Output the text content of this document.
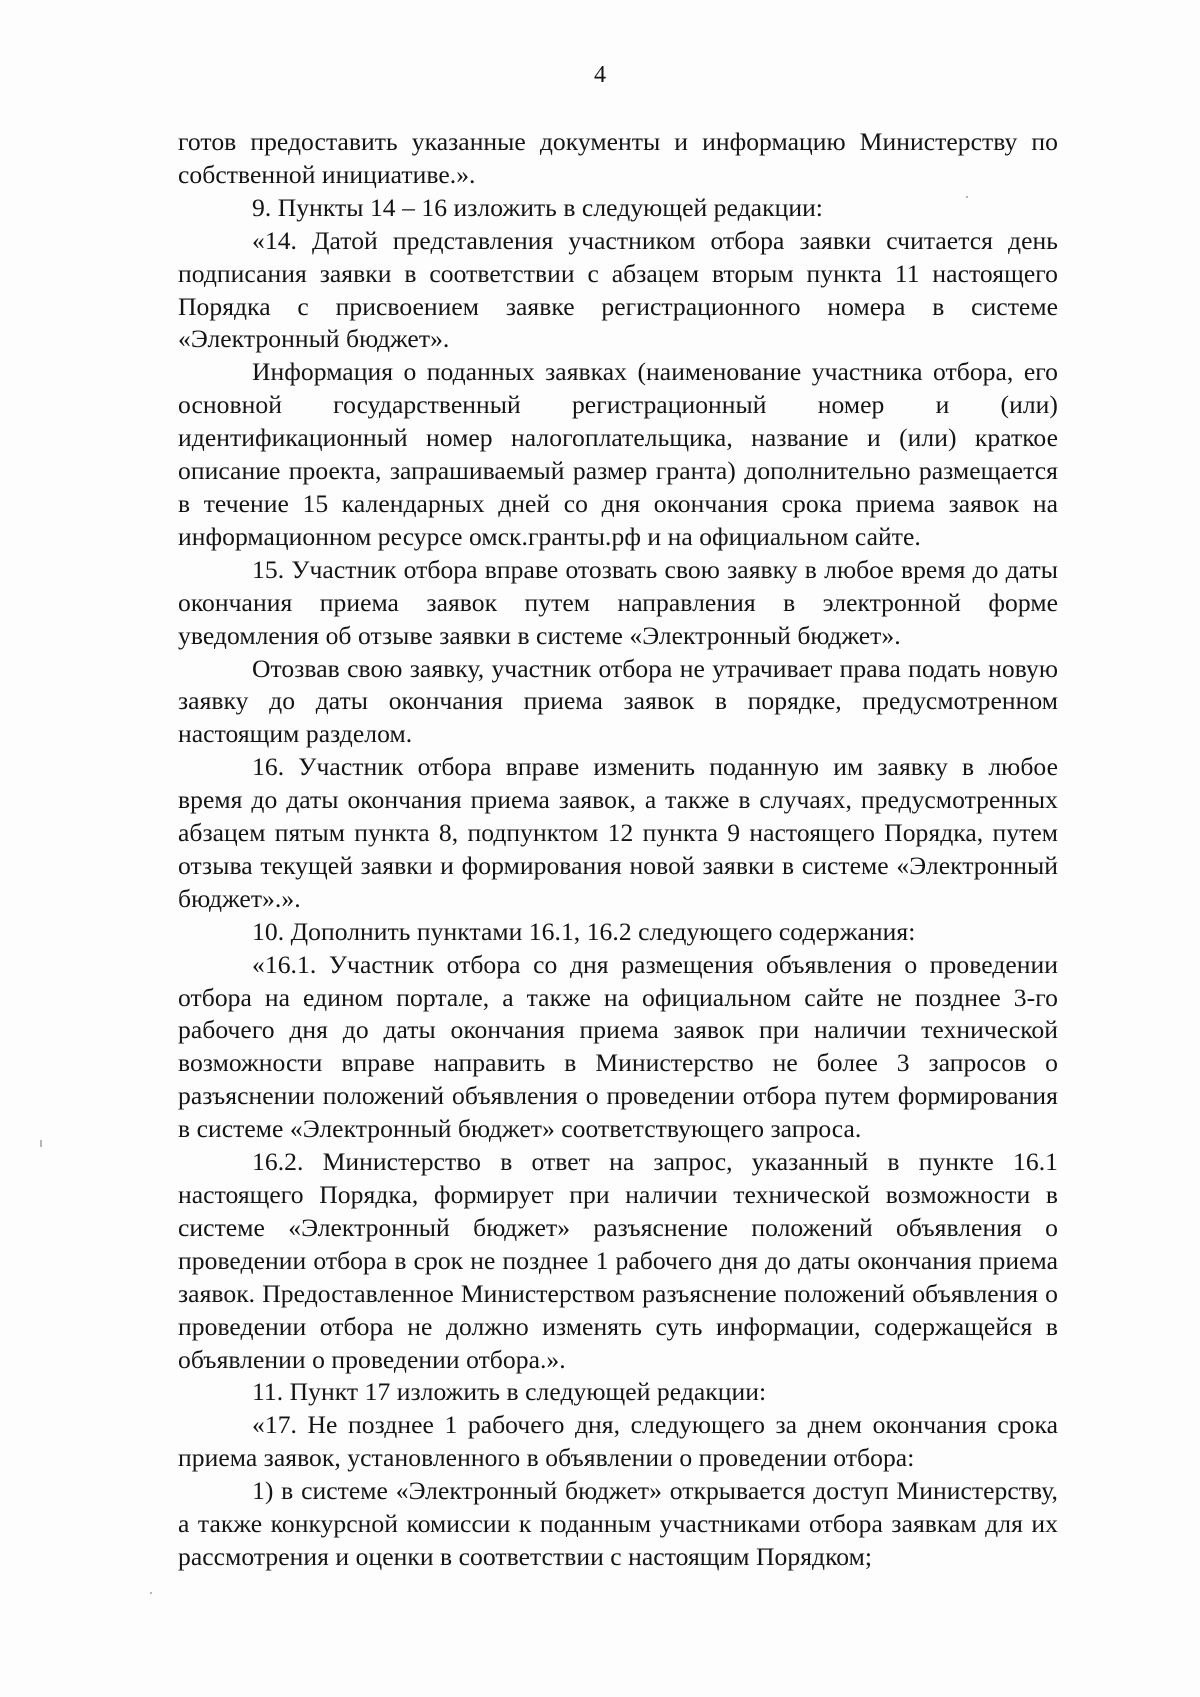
4

готов предоставить указанные документы и информацию Министерству по собственной инициативе.».

9. Пункты 14 – 16 изложить в следующей редакции:

«14. Датой представления участником отбора заявки считается день подписания заявки в соответствии с абзацем вторым пункта 11 настоящего Порядка с присвоением заявке регистрационного номера в системе «Электронный бюджет».

Информация о поданных заявках (наименование участника отбора, его основной государственный регистрационный номер и (или) идентификационный номер налогоплательщика, название и (или) краткое описание проекта, запрашиваемый размер гранта) дополнительно размещается в течение 15 календарных дней со дня окончания срока приема заявок на информационном ресурсе омск.гранты.рф и на официальном сайте.

15. Участник отбора вправе отозвать свою заявку в любое время до даты окончания приема заявок путем направления в электронной форме уведомления об отзыве заявки в системе «Электронный бюджет».

Отозвав свою заявку, участник отбора не утрачивает права подать новую заявку до даты окончания приема заявок в порядке, предусмотренном настоящим разделом.

16. Участник отбора вправе изменить поданную им заявку в любое время до даты окончания приема заявок, а также в случаях, предусмотренных абзацем пятым пункта 8, подпунктом 12 пункта 9 настоящего Порядка, путем отзыва текущей заявки и формирования новой заявки в системе «Электронный бюджет».».

10. Дополнить пунктами 16.1, 16.2 следующего содержания:

«16.1. Участник отбора со дня размещения объявления о проведении отбора на едином портале, а также на официальном сайте не позднее 3-го рабочего дня до даты окончания приема заявок при наличии технической возможности вправе направить в Министерство не более 3 запросов о разъяснении положений объявления о проведении отбора путем формирования в системе «Электронный бюджет» соответствующего запроса.

16.2. Министерство в ответ на запрос, указанный в пункте 16.1 настоящего Порядка, формирует при наличии технической возможности в системе «Электронный бюджет» разъяснение положений объявления о проведении отбора в срок не позднее 1 рабочего дня до даты окончания приема заявок. Предоставленное Министерством разъяснение положений объявления о проведении отбора не должно изменять суть информации, содержащейся в объявлении о проведении отбора.».

11. Пункт 17 изложить в следующей редакции:

«17. Не позднее 1 рабочего дня, следующего за днем окончания срока приема заявок, установленного в объявлении о проведении отбора:

1) в системе «Электронный бюджет» открывается доступ Министерству, а также конкурсной комиссии к поданным участниками отбора заявкам для их рассмотрения и оценки в соответствии с настоящим Порядком;
